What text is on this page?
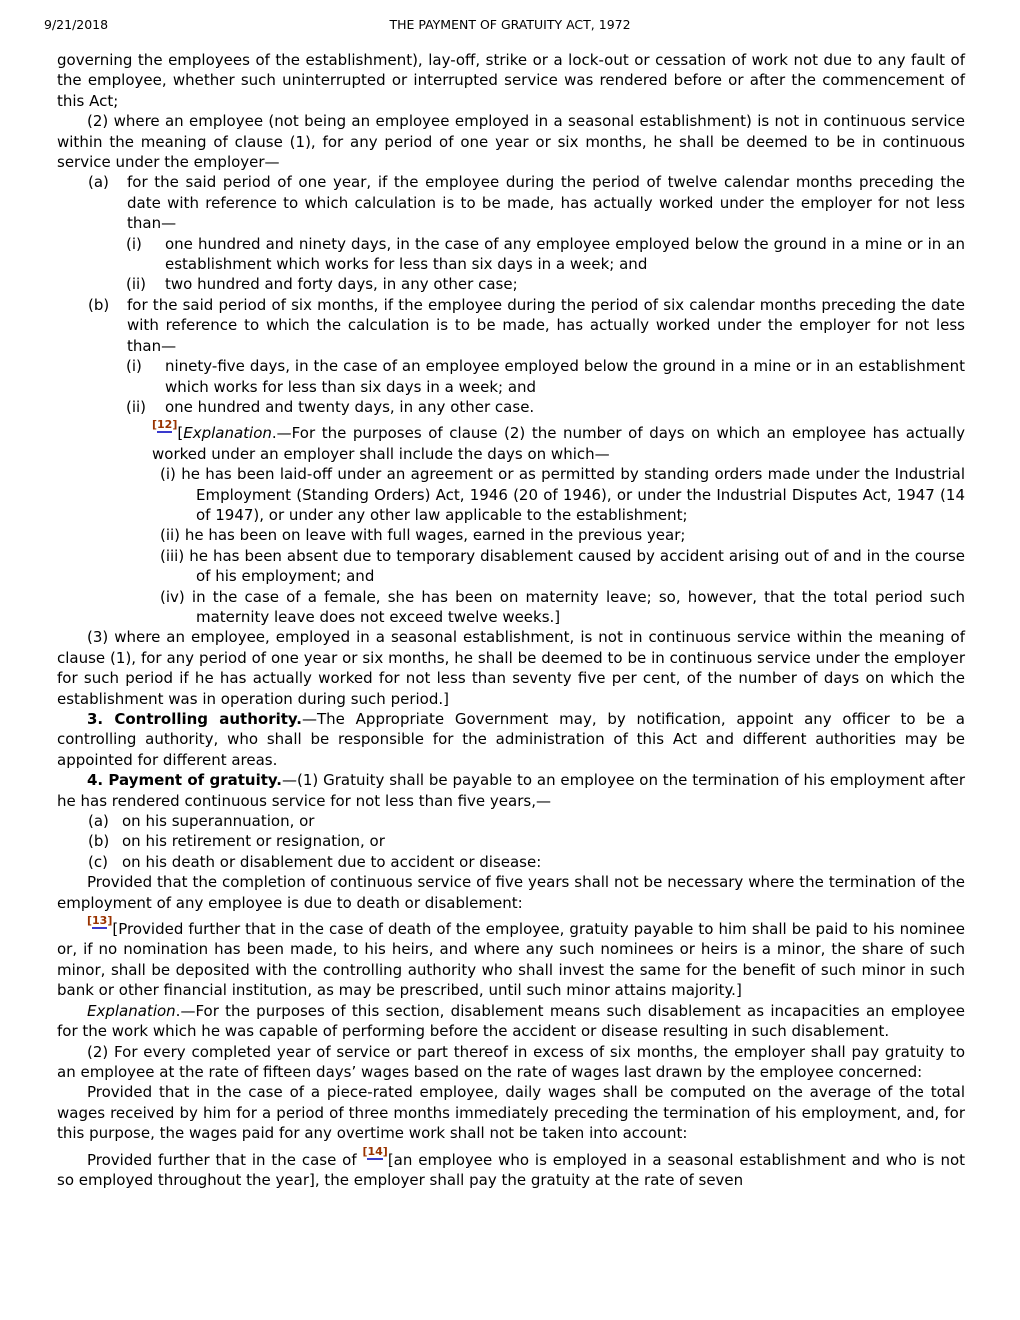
9/21/2018	THE PAYMENT OF GRATUITY ACT, 1972

governing the employees of the establishment), lay-off, strike or a lock-out or cessation of work not due to any fault of the employee, whether such uninterrupted or interrupted service was rendered before or after the commencement of this Act;

(2) where an employee (not being an employee employed in a seasonal establishment) is not in continuous service within the meaning of clause (1), for any period of one year or six months, he shall be deemed to be in continuous service under the employer—

(a) for the said period of one year, if the employee during the period of twelve calendar months preceding the date with reference to which calculation is to be made, has actually worked under the employer for not less than—
(i) one hundred and ninety days, in the case of any employee employed below the ground in a mine or in an establishment which works for less than six days in a week; and
(ii) two hundred and forty days, in any other case;
(b) for the said period of six months, if the employee during the period of six calendar months preceding the date with reference to which the calculation is to be made, has actually worked under the employer for not less than—
(i) ninety-five days, in the case of an employee employed below the ground in a mine or in an establishment which works for less than six days in a week; and
(ii) one hundred and twenty days, in any other case.

[12][Explanation.—For the purposes of clause (2) the number of days on which an employee has actually worked under an employer shall include the days on which—

(i) he has been laid-off under an agreement or as permitted by standing orders made under the Industrial Employment (Standing Orders) Act, 1946 (20 of 1946), or under the Industrial Disputes Act, 1947 (14 of 1947), or under any other law applicable to the establishment;
(ii) he has been on leave with full wages, earned in the previous year;
(iii) he has been absent due to temporary disablement caused by accident arising out of and in the course of his employment; and
(iv) in the case of a female, she has been on maternity leave; so, however, that the total period such maternity leave does not exceed twelve weeks.]

(3) where an employee, employed in a seasonal establishment, is not in continuous service within the meaning of clause (1), for any period of one year or six months, he shall be deemed to be in continuous service under the employer for such period if he has actually worked for not less than seventy five per cent, of the number of days on which the establishment was in operation during such period.]

3. Controlling authority.—The Appropriate Government may, by notification, appoint any officer to be a controlling authority, who shall be responsible for the administration of this Act and different authorities may be appointed for different areas.

4. Payment of gratuity.—(1) Gratuity shall be payable to an employee on the termination of his employment after he has rendered continuous service for not less than five years,—

(a) on his superannuation, or
(b) on his retirement or resignation, or
(c) on his death or disablement due to accident or disease:

Provided that the completion of continuous service of five years shall not be necessary where the termination of the employment of any employee is due to death or disablement:

[13][Provided further that in the case of death of the employee, gratuity payable to him shall be paid to his nominee or, if no nomination has been made, to his heirs, and where any such nominees or heirs is a minor, the share of such minor, shall be deposited with the controlling authority who shall invest the same for the benefit of such minor in such bank or other financial institution, as may be prescribed, until such minor attains majority.]

Explanation.—For the purposes of this section, disablement means such disablement as incapacities an employee for the work which he was capable of performing before the accident or disease resulting in such disablement.

(2) For every completed year of service or part thereof in excess of six months, the employer shall pay gratuity to an employee at the rate of fifteen days’ wages based on the rate of wages last drawn by the employee concerned:

Provided that in the case of a piece-rated employee, daily wages shall be computed on the average of the total wages received by him for a period of three months immediately preceding the termination of his employment, and, for this purpose, the wages paid for any overtime work shall not be taken into account:

Provided further that in the case of [14][an employee who is employed in a seasonal establishment and who is not so employed throughout the year], the employer shall pay the gratuity at the rate of seven
